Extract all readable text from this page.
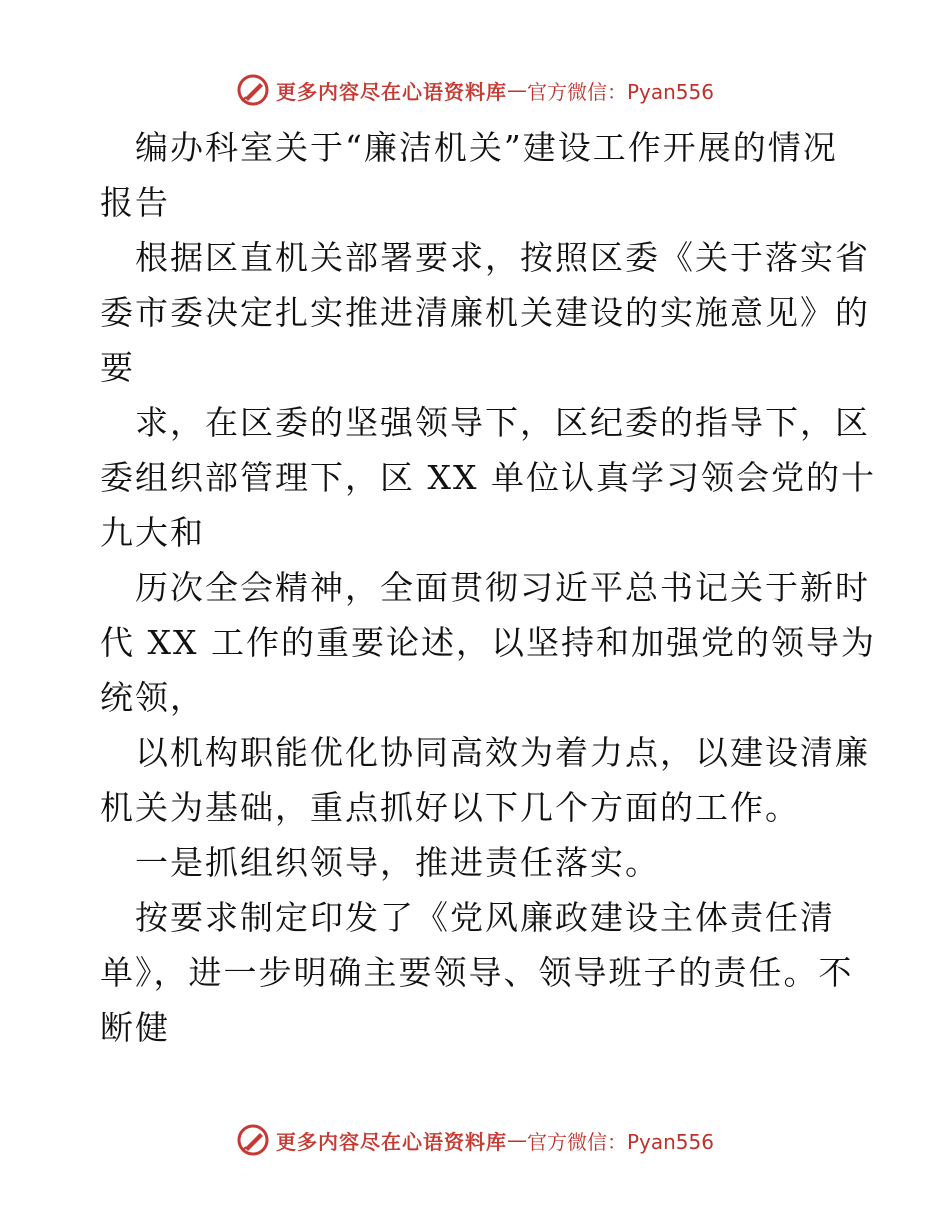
更多内容尽在心语资料库 — 官方微信：Pyan556
编办科室关于“廉洁机关”建设工作开展的情况
报告
根据区直机关部署要求，按照区委《关于落实省
委市委决定扎实推进清廉机关建设的实施意见》的
要
求，在区委的坚强领导下，区纪委的指导下，区
委组织部管理下，区 XX 单位认真学习领会党的十
九大和
历次全会精神，全面贯彻习近平总书记关于新时
代 XX 工作的重要论述，以坚持和加强党的领导为
统领，
以机构职能优化协同高效为着力点，以建设清廉
机关为基础，重点抓好以下几个方面的工作。
一是抓组织领导，推进责任落实。
按要求制定印发了《党风廉政建设主体责任清
单》，进一步明确主要领导、领导班子的责任。不
断健
更多内容尽在心语资料库 — 官方微信：Pyan556
